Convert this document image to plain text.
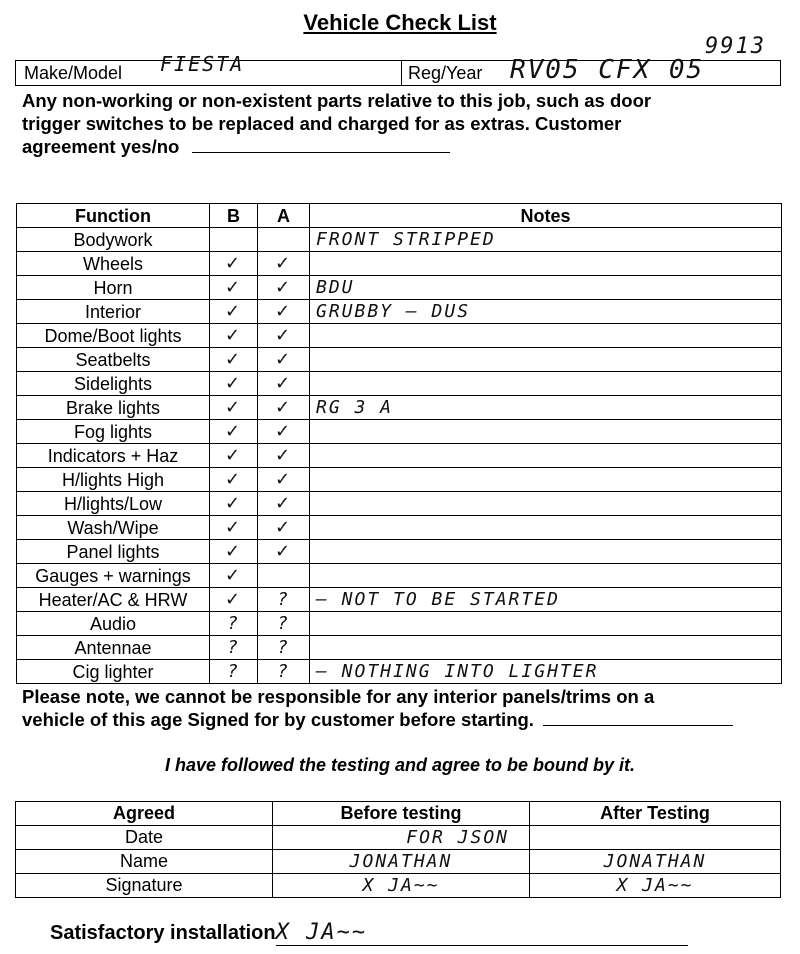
Vehicle Check List
Make/Model	Reg/Year
FIESTA	RV05 CFX 05
9913
Any non-working or non-existent parts relative to this job, such as door
trigger switches to be replaced and charged for as extras. Customer
agreement yes/no
Function	B	A	Notes
Bodywork			FRONT STRIPPED
Wheels	✓	✓	
Horn	✓	✓	BDU
Interior	✓	✓	GRUBBY — DUS
Dome/Boot lights	✓	✓	
Seatbelts	✓	✓	
Sidelights	✓	✓	
Brake lights	✓	✓	RG 3 A
Fog lights	✓	✓	
Indicators + Haz	✓	✓	
H/lights High	✓	✓	
H/lights/Low	✓	✓	
Wash/Wipe	✓	✓	
Panel lights	✓	✓	
Gauges + warnings	✓		
Heater/AC & HRW	✓	?	— NOT TO BE STARTED
Audio	?	?	
Antennae	?	?	
Cig lighter	?	?	— NOTHING INTO LIGHTER
Please note, we cannot be responsible for any interior panels/trims on a
vehicle of this age Signed for by customer before starting.
I have followed the testing and agree to be bound by it.
Agreed	Before testing	After Testing
Date	FOR JSON	
Name	JONATHAN	JONATHAN
Signature	X JA~~	X JA~~
Satisfactory installationX JA~~
